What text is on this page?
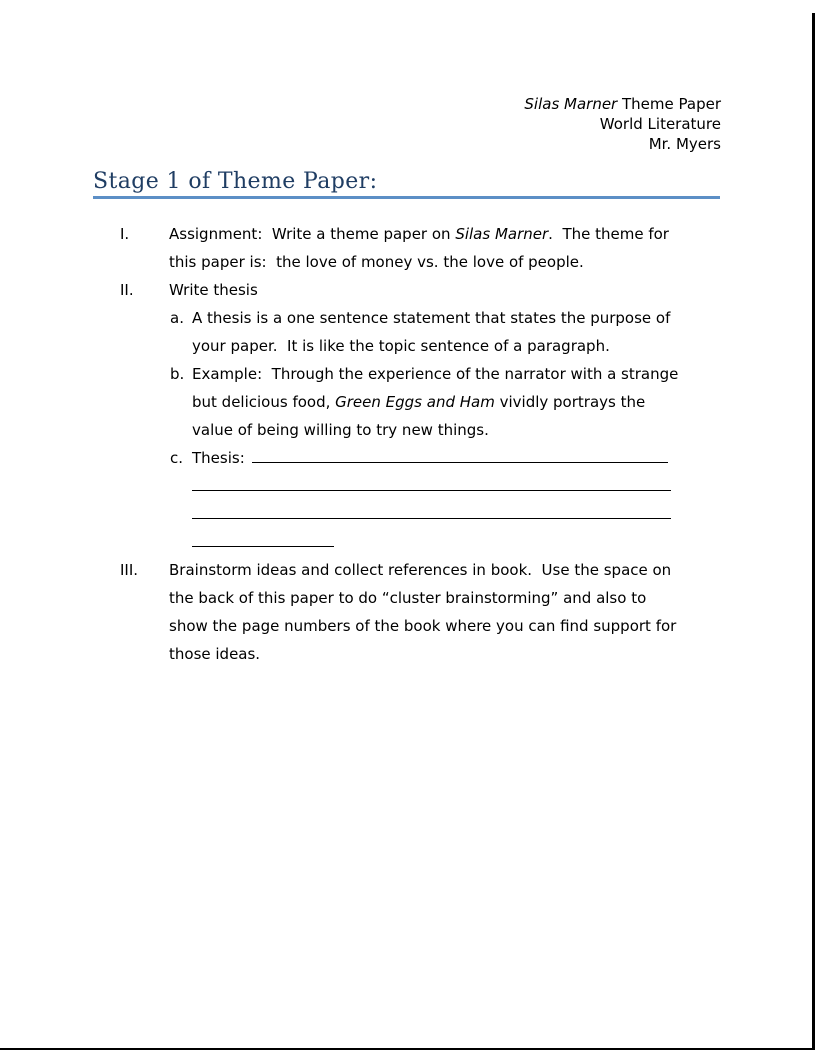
Silas Marner Theme Paper
World Literature
Mr. Myers
Stage 1 of Theme Paper:
I.	Assignment:  Write a theme paper on Silas Marner.  The theme for
this paper is:  the love of money vs. the love of people.
II. Write thesis
a. A thesis is a one sentence statement that states the purpose of
your paper.  It is like the topic sentence of a paragraph.
b. Example:  Through the experience of the narrator with a strange
but delicious food, Green Eggs and Ham vividly portrays the
value of being willing to try new things.
c. Thesis:
III. Brainstorm ideas and collect references in book.  Use the space on
the back of this paper to do “cluster brainstorming” and also to
show the page numbers of the book where you can find support for
those ideas.
